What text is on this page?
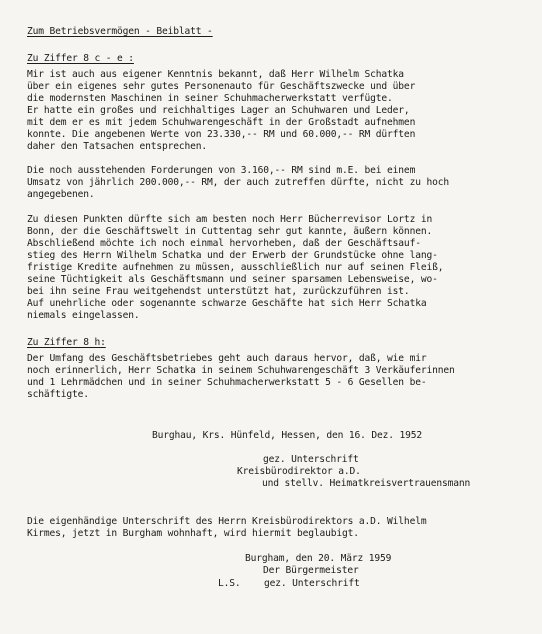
Zum Betriebsvermögen - Beiblatt -
Zu Ziffer 8 c - e :
Mir ist auch aus eigener Kenntnis bekannt, daß Herr Wilhelm Schatka
über ein eigenes sehr gutes Personenauto für Geschäftszwecke und über
die modernsten Maschinen in seiner Schuhmacherwerkstatt verfügte.
Er hatte ein großes und reichhaltiges Lager an Schuhwaren und Leder,
mit dem er es mit jedem Schuhwarengeschäft in der Großstadt aufnehmen
konnte. Die angebenen Werte von 23.330,-- RM und 60.000,-- RM dürften
daher den Tatsachen entsprechen.
Die noch ausstehenden Forderungen von 3.160,-- RM sind m.E. bei einem
Umsatz von jährlich 200.000,-- RM, der auch zutreffen dürfte, nicht zu hoch
angegebenen.
Zu diesen Punkten dürfte sich am besten noch Herr Bücherrevisor Lortz in
Bonn, der die Geschäftswelt in Cuttentag sehr gut kannte, äußern können.
Abschließend möchte ich noch einmal hervorheben, daß der Geschäftsauf-
stieg des Herrn Wilhelm Schatka und der Erwerb der Grundstücke ohne lang-
fristige Kredite aufnehmen zu müssen, ausschließlich nur auf seinen Fleiß,
seine Tüchtigkeit als Geschäftsmann und seiner sparsamen Lebensweise, wo-
bei ihn seine Frau weitgehendst unterstützt hat, zurückzuführen ist.
Auf unehrliche oder sogenannte schwarze Geschäfte hat sich Herr Schatka
niemals eingelassen.
Zu Ziffer 8 h:
Der Umfang des Geschäftsbetriebes geht auch daraus hervor, daß, wie mir
noch erinnerlich, Herr Schatka in seinem Schuhwarengeschäft 3 Verkäuferinnen
und 1 Lehrmädchen und in seiner Schuhmacherwerkstatt 5 - 6 Gesellen be-
schäftigte.
Burghau, Krs. Hünfeld, Hessen, den 16. Dez. 1952
gez. Unterschrift
Kreisbürodirektor a.D.
und stellv. Heimatkreisvertrauensmann
Die eigenhändige Unterschrift des Herrn Kreisbürodirektors a.D. Wilhelm
Kirmes, jetzt in Burgham wohnhaft, wird hiermit beglaubigt.
Burgham, den 20. März 1959
Der Bürgermeister
L.S. gez. Unterschrift
